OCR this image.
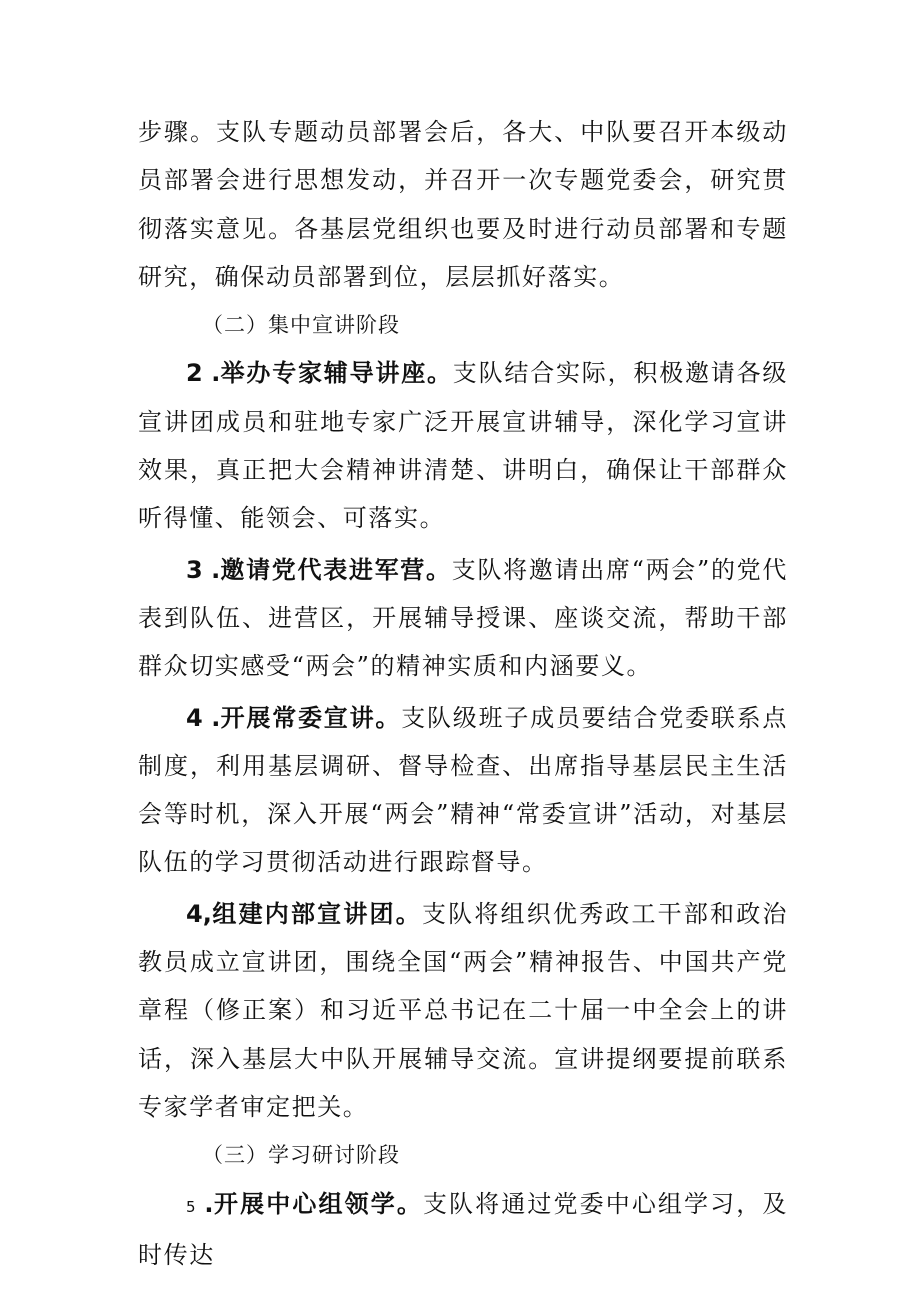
步骤。支队专题动员部署会后，各大、中队要召开本级动员部署会进行思想发动，并召开一次专题党委会，研究贯彻落实意见。各基层党组织也要及时进行动员部署和专题研究，确保动员部署到位，层层抓好落实。

（二）集中宣讲阶段

2 .举办专家辅导讲座。支队结合实际，积极邀请各级宣讲团成员和驻地专家广泛开展宣讲辅导，深化学习宣讲效果，真正把大会精神讲清楚、讲明白，确保让干部群众听得懂、能领会、可落实。

3 .邀请党代表进军营。支队将邀请出席“两会”的党代表到队伍、进营区，开展辅导授课、座谈交流，帮助干部群众切实感受“两会”的精神实质和内涵要义。

4 .开展常委宣讲。支队级班子成员要结合党委联系点制度，利用基层调研、督导检查、出席指导基层民主生活会等时机，深入开展“两会”精神“常委宣讲”活动，对基层队伍的学习贯彻活动进行跟踪督导。

4,组建内部宣讲团。支队将组织优秀政工干部和政治教员成立宣讲团，围绕全国“两会”精神报告、中国共产党章程（修正案）和习近平总书记在二十届一中全会上的讲话，深入基层大中队开展辅导交流。宣讲提纲要提前联系专家学者审定把关。

（三）学习研讨阶段

5 .开展中心组领学。支队将通过党委中心组学习，及时传达
